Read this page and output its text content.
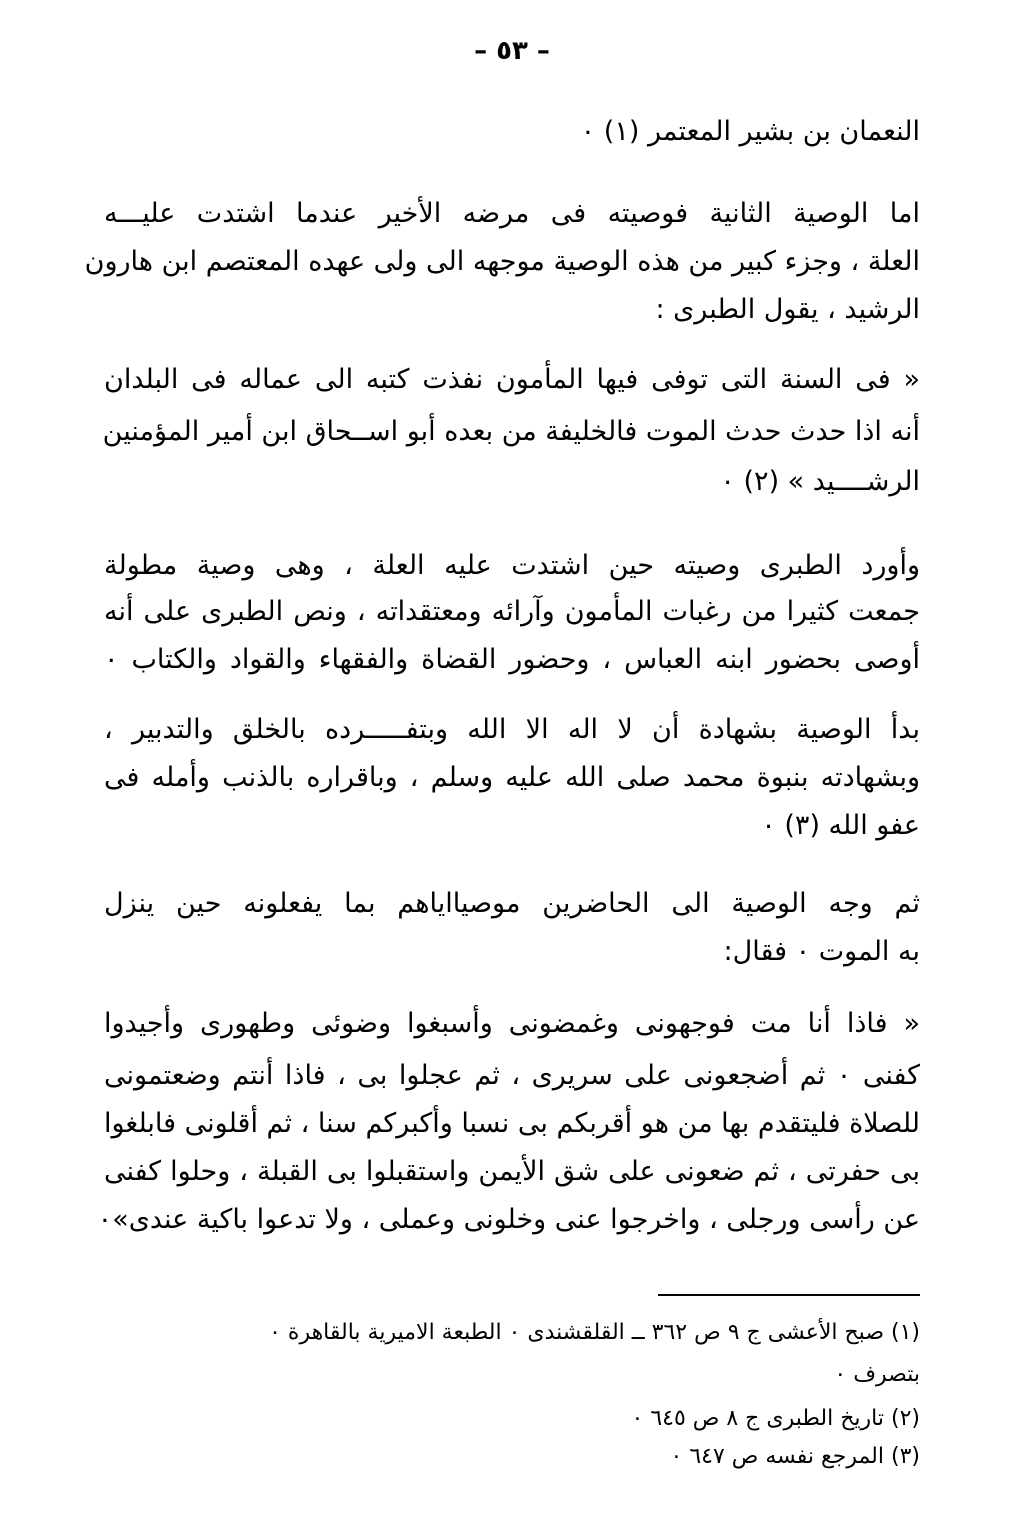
– ٥٣ –
النعمان بن بشير المعتمر (١) ٠
اما الوصية الثانية فوصيته فى مرضه الأخير عندما اشتدت عليـــه
العلة ، وجزء كبير من هذه الوصية موجهه الى ولى عهده المعتصم ابن هارون
الرشيد ، يقول الطبرى :
« فى السنة التى توفى فيها المأمون نفذت كتبه الى عماله فى البلدان
أنه اذا حدث حدث الموت فالخليفة من بعده أبو اســحاق ابن أمير المؤمنين
الرشــــيد » (٢) ٠
وأورد الطبرى وصيته حين اشتدت عليه العلة ، وهى وصية مطولة
جمعت كثيرا من رغبات المأمون وآرائه ومعتقداته ، ونص الطبرى على أنه
أوصى بحضور ابنه العباس ، وحضور القضاة والفقهاء والقواد والكتاب ٠
بدأ الوصية بشهادة أن لا اله الا الله وبتفـــــرده بالخلق والتدبير ،
وبشهادته بنبوة محمد صلى الله عليه وسلم ، وباقراره بالذنب وأمله فى
عفو الله (٣) ٠
ثم وجه الوصية الى الحاضرين موصيااياهم بما يفعلونه حين ينزل
به الموت ٠ فقال:
« فاذا أنا مت فوجهونى وغمضونى وأسبغوا وضوئى وطهورى وأجيدوا
كفنى ٠ ثم أضجعونى على سريرى ، ثم عجلوا بى ، فاذا أنتم وضعتمونى
للصلاة فليتقدم بها من هو أقربكم بى نسبا وأكبركم سنا ، ثم أقلونى فابلغوا
بى حفرتى ، ثم ضعونى على شق الأيمن واستقبلوا بى القبلة ، وحلوا كفنى
عن رأسى ورجلى ، واخرجوا عنى وخلونى وعملى ، ولا تدعوا باكية عندى»٠
(١) صبح الأعشى ج ٩ ص ٣٦٢ ــ القلقشندى ٠ الطبعة الاميرية بالقاهرة ٠
بتصرف ٠
(٢) تاريخ الطبرى ج ٨ ص ٦٤٥ ٠
(٣) المرجع نفسه ص ٦٤٧ ٠
